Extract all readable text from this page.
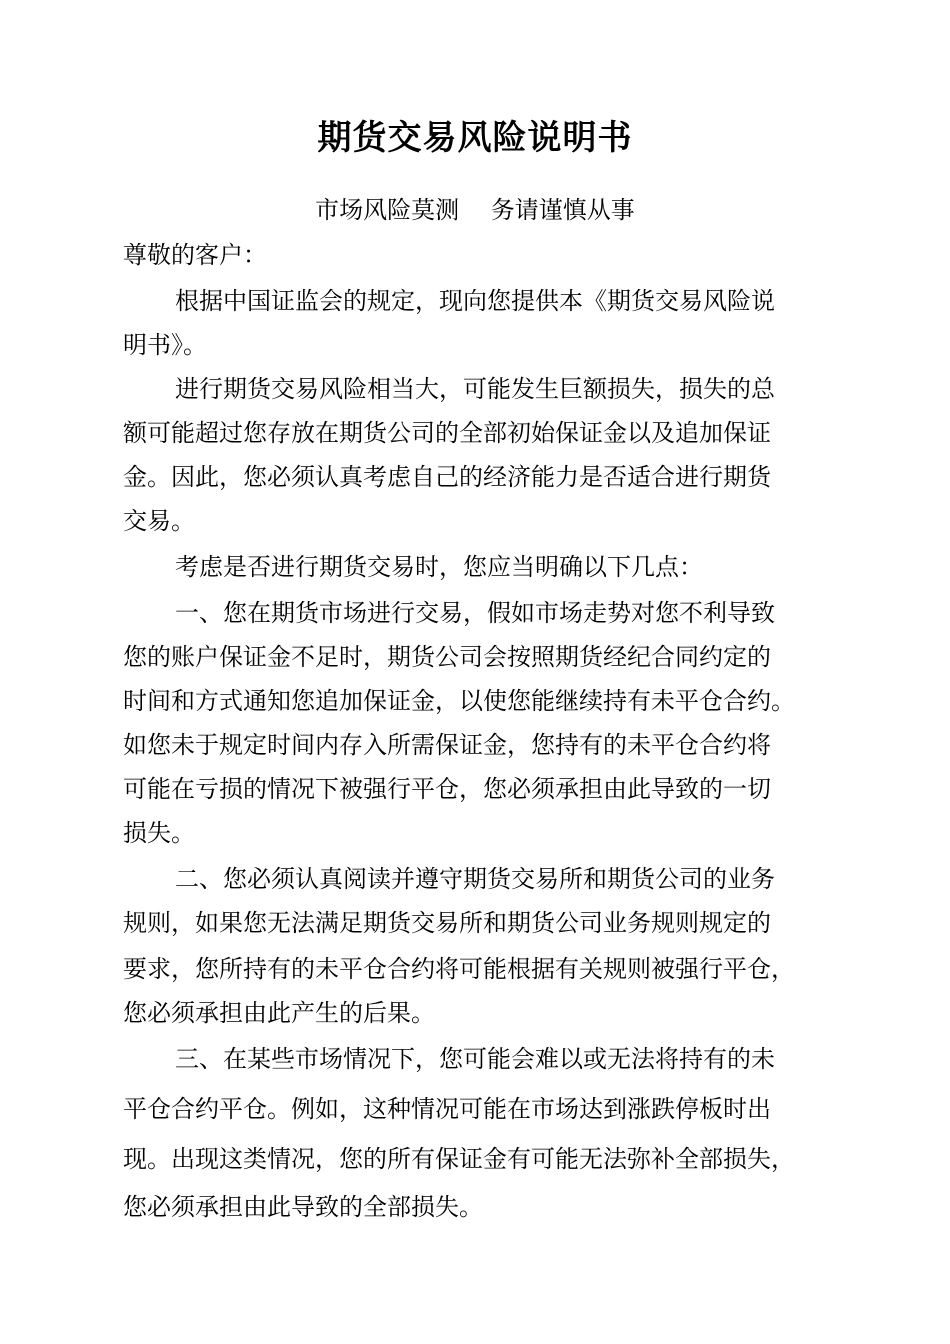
期货交易风险说明书
市场风险莫测　 务请谨慎从事
尊敬的客户：
根据中国证监会的规定，现向您提供本《期货交易风险说
明书》。
进行期货交易风险相当大，可能发生巨额损失，损失的总
额可能超过您存放在期货公司的全部初始保证金以及追加保证
金。因此，您必须认真考虑自己的经济能力是否适合进行期货
交易。
考虑是否进行期货交易时，您应当明确以下几点：
一、您在期货市场进行交易，假如市场走势对您不利导致
您的账户保证金不足时，期货公司会按照期货经纪合同约定的
时间和方式通知您追加保证金，以使您能继续持有未平仓合约。
如您未于规定时间内存入所需保证金，您持有的未平仓合约将
可能在亏损的情况下被强行平仓，您必须承担由此导致的一切
损失。
二、您必须认真阅读并遵守期货交易所和期货公司的业务
规则，如果您无法满足期货交易所和期货公司业务规则规定的
要求，您所持有的未平仓合约将可能根据有关规则被强行平仓，
您必须承担由此产生的后果。
三、在某些市场情况下，您可能会难以或无法将持有的未
平仓合约平仓。例如，这种情况可能在市场达到涨跌停板时出
现。出现这类情况，您的所有保证金有可能无法弥补全部损失，
您必须承担由此导致的全部损失。
